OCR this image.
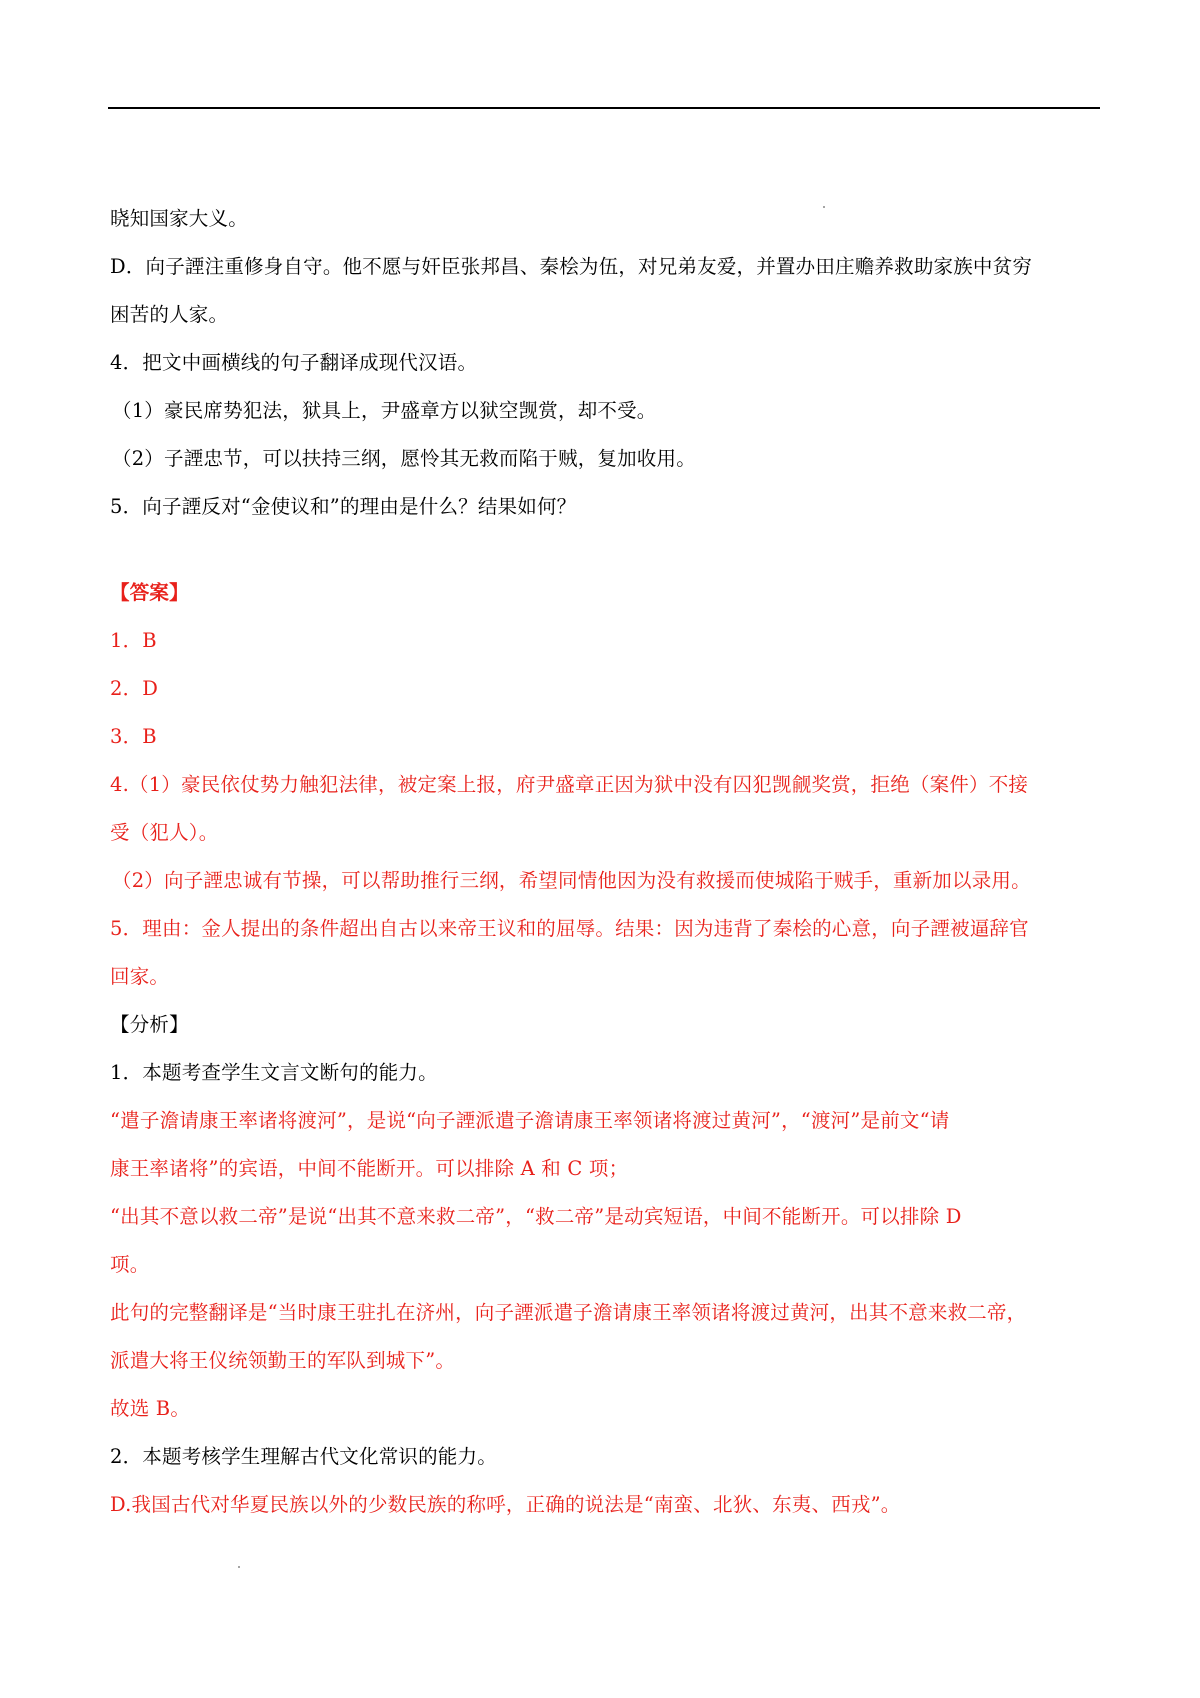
晓知国家大义。
D．向子諲注重修身自守。他不愿与奸臣张邦昌、秦桧为伍，对兄弟友爱，并置办田庄赡养救助家族中贫穷
困苦的人家。
4．把文中画横线的句子翻译成现代汉语。
（1）豪民席势犯法，狱具上，尹盛章方以狱空觊赏，却不受。
（2）子諲忠节，可以扶持三纲，愿怜其无救而陷于贼，复加收用。
5．向子諲反对“金使议和”的理由是什么？结果如何？
【答案】
1．B
2．D
3．B
4.（1）豪民依仗势力触犯法律，被定案上报，府尹盛章正因为狱中没有囚犯觊觎奖赏，拒绝（案件）不接
受（犯人）。
（2）向子諲忠诚有节操，可以帮助推行三纲，希望同情他因为没有救援而使城陷于贼手，重新加以录用。
5．理由：金人提出的条件超出自古以来帝王议和的屈辱。结果：因为违背了秦桧的心意，向子諲被逼辞官
回家。
【分析】
1．本题考查学生文言文断句的能力。
“遣子澹请康王率诸将渡河”，是说“向子諲派遣子澹请康王率领诸将渡过黄河”，“渡河”是前文“请
康王率诸将”的宾语，中间不能断开。可以排除 A 和 C 项；
“出其不意以救二帝”是说“出其不意来救二帝”，“救二帝”是动宾短语，中间不能断开。可以排除 D
项。
此句的完整翻译是“当时康王驻扎在济州，向子諲派遣子澹请康王率领诸将渡过黄河，出其不意来救二帝，
派遣大将王仪统领勤王的军队到城下”。
故选 B。
2．本题考核学生理解古代文化常识的能力。
D.我国古代对华夏民族以外的少数民族的称呼，正确的说法是“南蛮、北狄、东夷、西戎”。
